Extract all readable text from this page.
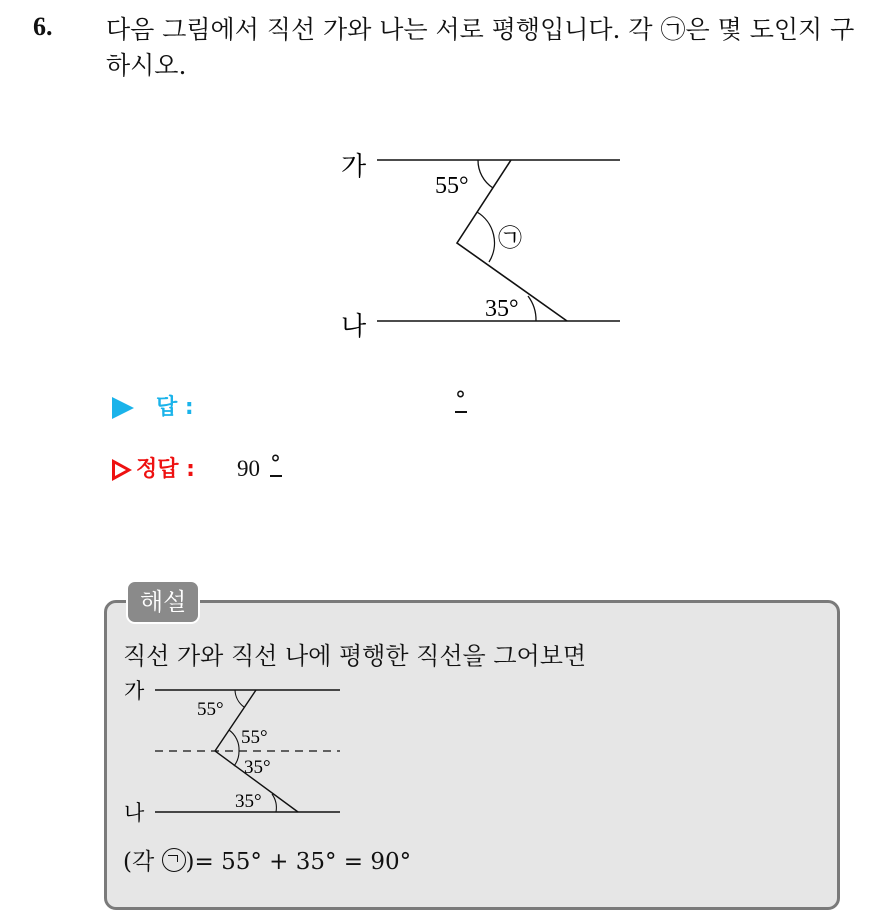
6. 다음 그림에서 직선 가와 나는 서로 평행입니다. 각 ㉠은 몇 도인지 구하시오.
가
나
55°
35°
㉠
답 :	°
정답 : 90 °
해설
직선 가와 직선 나에 평행한 직선을 그어보면
가
나
55°
55°
35°
35°
(각 )= 55° + 35° = 90°
